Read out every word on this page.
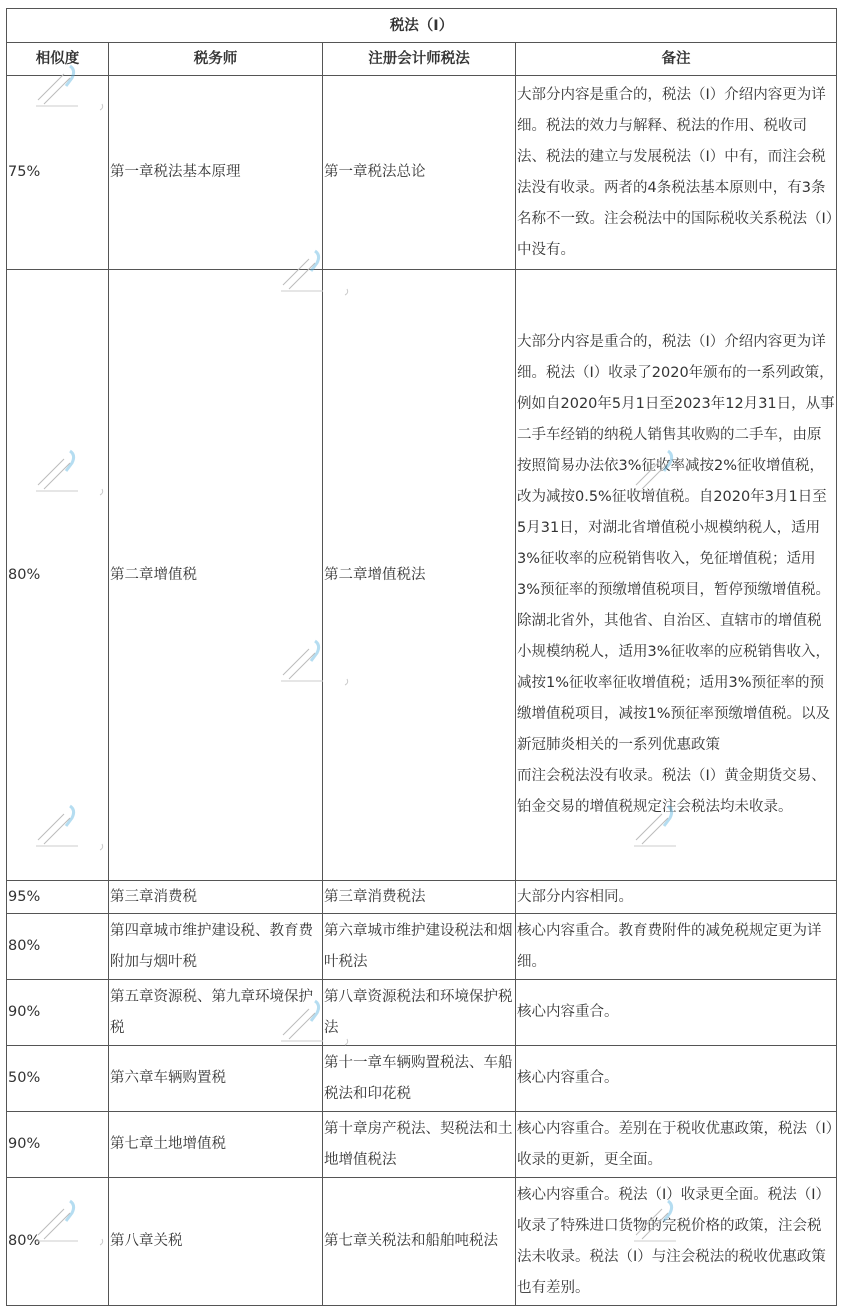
税法（I）			
相似度	税务师	注册会计师税法	备注
75%	第一章税法基本原理	第一章税法总论	大部分内容是重合的，税法（I）介绍内容更为详细。税法的效力与解释、税法的作用、税收司法、税法的建立与发展税法（I）中有，而注会税法没有收录。两者的4条税法基本原则中，有3条名称不一致。注会税法中的国际税收关系税法（I）中没有。
80%	第二章增值税	第二章增值税法	大部分内容是重合的，税法（I）介绍内容更为详细。税法（I）收录了2020年颁布的一系列政策，例如自2020年5月1日至2023年12月31日，从事二手车经销的纳税人销售其收购的二手车，由原按照简易办法依3%征收率减按2%征收增值税，改为减按0.5%征收增值税。自2020年3月1日至5月31日，对湖北省增值税小规模纳税人，适用3%征收率的应税销售收入，免征增值税；适用3%预征率的预缴增值税项目，暂停预缴增值税。除湖北省外，其他省、自治区、直辖市的增值税小规模纳税人，适用3%征收率的应税销售收入，减按1%征收率征收增值税；适用3%预征率的预缴增值税项目，减按1%预征率预缴增值税。以及新冠肺炎相关的一系列优惠政策
而注会税法没有收录。税法（I）黄金期货交易、铂金交易的增值税规定注会税法均未收录。

95%	第三章消费税	第三章消费税法	大部分内容相同。
80%	第四章城市维护建设税、教育费附加与烟叶税	第六章城市维护建设税法和烟叶税法	核心内容重合。教育费附件的减免税规定更为详细。
90%	第五章资源税、第九章环境保护税	第八章资源税法和环境保护税法	核心内容重合。
50%	第六章车辆购置税	第十一章车辆购置税法、车船税法和印花税	核心内容重合。
90%	第七章土地增值税	第十章房产税法、契税法和土地增值税法	核心内容重合。差别在于税收优惠政策，税法（I）收录的更新，更全面。
80%	第八章关税	第七章关税法和船舶吨税法	核心内容重合。税法（I）收录更全面。税法（I）收录了特殊进口货物的完税价格的政策，注会税法未收录。税法（I）与注会税法的税收优惠政策也有差别。
